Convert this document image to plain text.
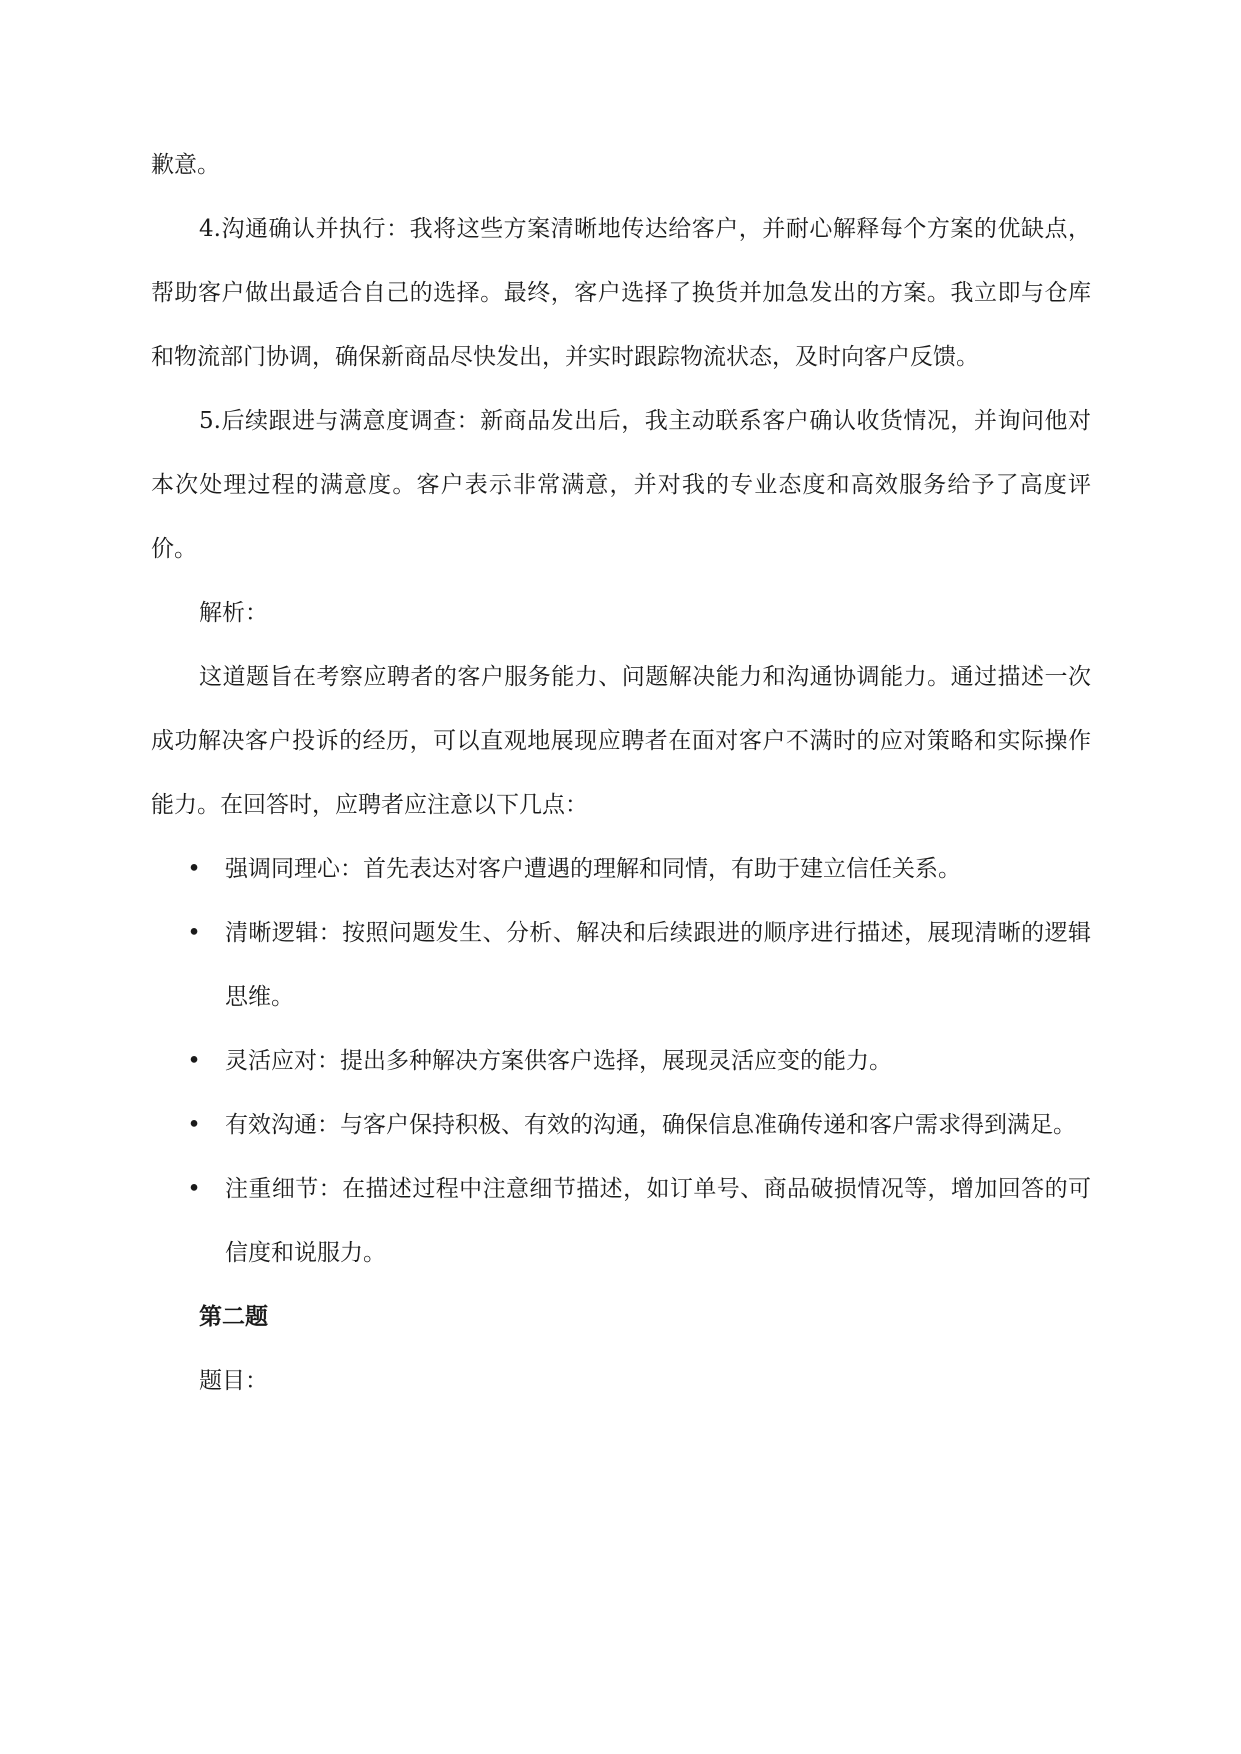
歉意。

4.沟通确认并执行：我将这些方案清晰地传达给客户，并耐心解释每个方案的优缺点，帮助客户做出最适合自己的选择。最终，客户选择了换货并加急发出的方案。我立即与仓库和物流部门协调，确保新商品尽快发出，并实时跟踪物流状态，及时向客户反馈。

5.后续跟进与满意度调查：新商品发出后，我主动联系客户确认收货情况，并询问他对本次处理过程的满意度。客户表示非常满意，并对我的专业态度和高效服务给予了高度评价。

解析：

这道题旨在考察应聘者的客户服务能力、问题解决能力和沟通协调能力。通过描述一次成功解决客户投诉的经历，可以直观地展现应聘者在面对客户不满时的应对策略和实际操作能力。在回答时，应聘者应注意以下几点：

• 强调同理心：首先表达对客户遭遇的理解和同情，有助于建立信任关系。
• 清晰逻辑：按照问题发生、分析、解决和后续跟进的顺序进行描述，展现清晰的逻辑思维。
• 灵活应对：提出多种解决方案供客户选择，展现灵活应变的能力。
• 有效沟通：与客户保持积极、有效的沟通，确保信息准确传递和客户需求得到满足。
• 注重细节：在描述过程中注意细节描述，如订单号、商品破损情况等，增加回答的可信度和说服力。

第二题

题目：
